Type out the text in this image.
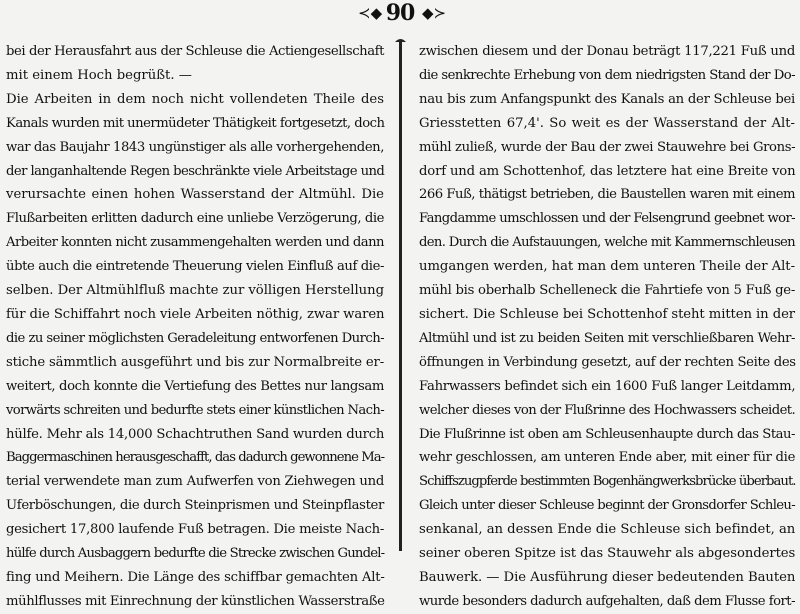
≺◆ 90 ◆≻
bei der Herausfahrt aus der Schleuse die Actiengesellschaft
mit einem Hoch begrüßt. —
Die Arbeiten in dem noch nicht vollendeten Theile des
Kanals wurden mit unermüdeter Thätigkeit fortgesetzt, doch
war das Baujahr 1843 ungünstiger als alle vorhergehenden,
der langanhaltende Regen beschränkte viele Arbeitstage und
verursachte einen hohen Wasserstand der Altmühl. Die
Flußarbeiten erlitten dadurch eine unliebe Verzögerung, die
Arbeiter konnten nicht zusammengehalten werden und dann
übte auch die eintretende Theuerung vielen Einfluß auf die-
selben. Der Altmühlfluß machte zur völligen Herstellung
für die Schiffahrt noch viele Arbeiten nöthig, zwar waren
die zu seiner möglichsten Geradeleitung entworfenen Durch-
stiche sämmtlich ausgeführt und bis zur Normalbreite er-
weitert, doch konnte die Vertiefung des Bettes nur langsam
vorwärts schreiten und bedurfte stets einer künstlichen Nach-
hülfe. Mehr als 14,000 Schachtruthen Sand wurden durch
Baggermaschinen herausgeschafft, das dadurch gewonnene Ma-
terial verwendete man zum Aufwerfen von Ziehwegen und
Uferböschungen, die durch Steinprismen und Steinpflaster
gesichert 17,800 laufende Fuß betragen. Die meiste Nach-
hülfe durch Ausbaggern bedurfte die Strecke zwischen Gundel-
fing und Meihern. Die Länge des schiffbar gemachten Alt-
mühlflusses mit Einrechnung der künstlichen Wasserstraße
zwischen diesem und der Donau beträgt 117,221 Fuß und
die senkrechte Erhebung von dem niedrigsten Stand der Do-
nau bis zum Anfangspunkt des Kanals an der Schleuse bei
Griesstetten 67,4'. So weit es der Wasserstand der Alt-
mühl zuließ, wurde der Bau der zwei Stauwehre bei Grons-
dorf und am Schottenhof, das letztere hat eine Breite von
266 Fuß, thätigst betrieben, die Baustellen waren mit einem
Fangdamme umschlossen und der Felsengrund geebnet wor-
den. Durch die Aufstauungen, welche mit Kammernschleusen
umgangen werden, hat man dem unteren Theile der Alt-
mühl bis oberhalb Schelleneck die Fahrtiefe von 5 Fuß ge-
sichert. Die Schleuse bei Schottenhof steht mitten in der
Altmühl und ist zu beiden Seiten mit verschließbaren Wehr-
öffnungen in Verbindung gesetzt, auf der rechten Seite des
Fahrwassers befindet sich ein 1600 Fuß langer Leitdamm,
welcher dieses von der Flußrinne des Hochwassers scheidet.
Die Flußrinne ist oben am Schleusenhaupte durch das Stau-
wehr geschlossen, am unteren Ende aber, mit einer für die
Schiffszugpferde bestimmten Bogenhängwerksbrücke überbaut.
Gleich unter dieser Schleuse beginnt der Gronsdorfer Schleu-
senkanal, an dessen Ende die Schleuse sich befindet, an
seiner oberen Spitze ist das Stauwehr als abgesondertes
Bauwerk. — Die Ausführung dieser bedeutenden Bauten
wurde besonders dadurch aufgehalten, daß dem Flusse fort-
